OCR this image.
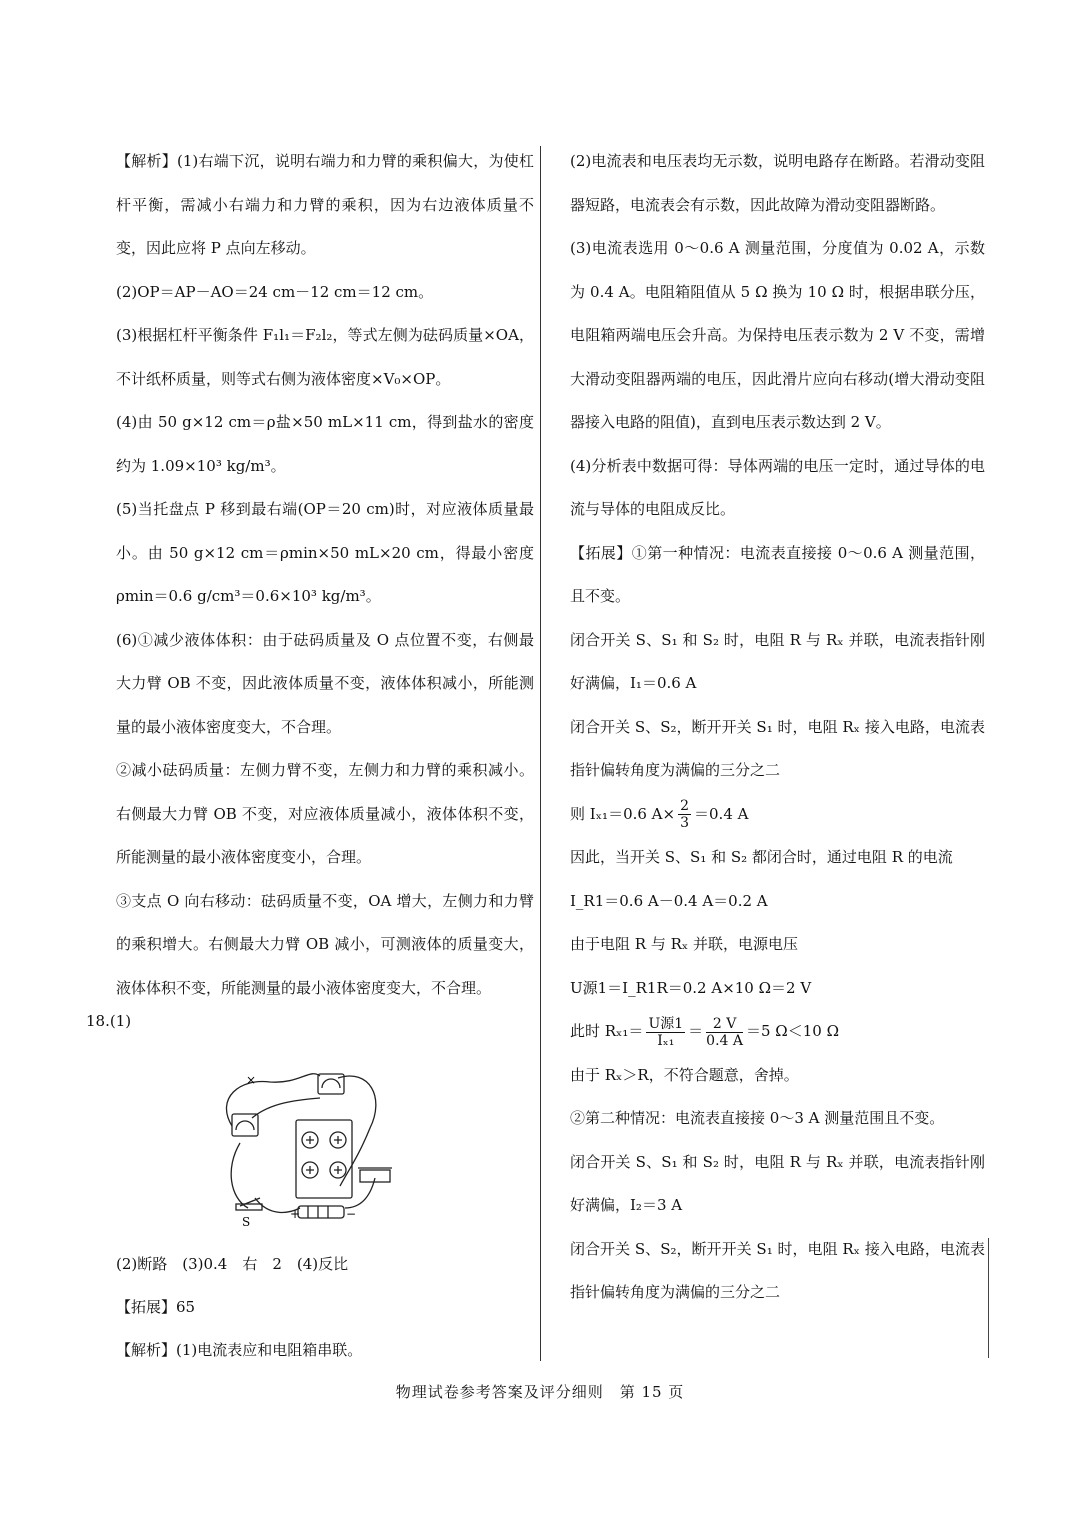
【解析】(1)右端下沉，说明右端力和力臂的乘积偏大，为使杠杆平衡，需减小右端力和力臂的乘积，因为右边液体质量不变，因此应将 P 点向左移动。

(2)OP＝AP－AO＝24 cm－12 cm＝12 cm。

(3)根据杠杆平衡条件 F₁l₁＝F₂l₂，等式左侧为砝码质量×OA，不计纸杯质量，则等式右侧为液体密度×V₀×OP。

(4)由 50 g×12 cm＝ρ盐×50 mL×11 cm，得到盐水的密度约为 1.09×10³ kg/m³。

(5)当托盘点 P 移到最右端(OP＝20 cm)时，对应液体质量最小。由 50 g×12 cm＝ρmin×50 mL×20 cm，得最小密度 ρmin＝0.6 g/cm³＝0.6×10³ kg/m³。

(6)①减少液体体积：由于砝码质量及 O 点位置不变，右侧最大力臂 OB 不变，因此液体质量不变，液体体积减小，所能测量的最小液体密度变大，不合理。

②减小砝码质量：左侧力臂不变，左侧力和力臂的乘积减小。右侧最大力臂 OB 不变，对应液体质量减小，液体体积不变，所能测量的最小液体密度变小，合理。

③支点 O 向右移动：砝码质量不变，OA 增大，左侧力和力臂的乘积增大。右侧最大力臂 OB 减小，可测液体的质量变大，液体体积不变，所能测量的最小液体密度变大，不合理。

18.(1)
×
S
+	−
(2)断路　(3)0.4　右　2　(4)反比
【拓展】65
【解析】(1)电流表应和电阻箱串联。

(2)电流表和电压表均无示数，说明电路存在断路。若滑动变阻器短路，电流表会有示数，因此故障为滑动变阻器断路。

(3)电流表选用 0～0.6 A 测量范围，分度值为 0.02 A，示数为 0.4 A。电阻箱阻值从 5 Ω 换为 10 Ω 时，根据串联分压，电阻箱两端电压会升高。为保持电压表示数为 2 V 不变，需增大滑动变阻器两端的电压，因此滑片应向右移动(增大滑动变阻器接入电路的阻值)，直到电压表示数达到 2 V。

(4)分析表中数据可得：导体两端的电压一定时，通过导体的电流与导体的电阻成反比。

【拓展】①第一种情况：电流表直接接 0～0.6 A 测量范围，且不变。

闭合开关 S、S₁ 和 S₂ 时，电阻 R 与 Rₓ 并联，电流表指针刚好满偏，I₁＝0.6 A

闭合开关 S、S₂，断开开关 S₁ 时，电阻 Rₓ 接入电路，电流表指针偏转角度为满偏的三分之二

则 Iₓ₁＝0.6 $A\times \frac{2}{3} =0.4$ A

因此，当开关 S、S₁ 和 S₂ 都闭合时，通过电阻 R 的电流

I_R1＝0.6 A－0.4 A＝0.2 A

由于电阻 R 与 Rₓ 并联，电源电压

U源1＝I_R1R＝0.2 A×10 Ω＝2 V

此时 $R_{x1}= \frac{\text{U源1}}{\text{Iₓ₁}} = \frac{2 V}{0.4 A} =5$ Ω＜10 Ω

由于 Rₓ＞R，不符合题意，舍掉。

②第二种情况：电流表直接接 0～3 A 测量范围且不变。

闭合开关 S、S₁ 和 S₂ 时，电阻 R 与 Rₓ 并联，电流表指针刚好满偏，I₂＝3 A

闭合开关 S、S₂，断开开关 S₁ 时，电阻 Rₓ 接入电路，电流表指针偏转角度为满偏的三分之二

物理试卷参考答案及评分细则　第 15 页
